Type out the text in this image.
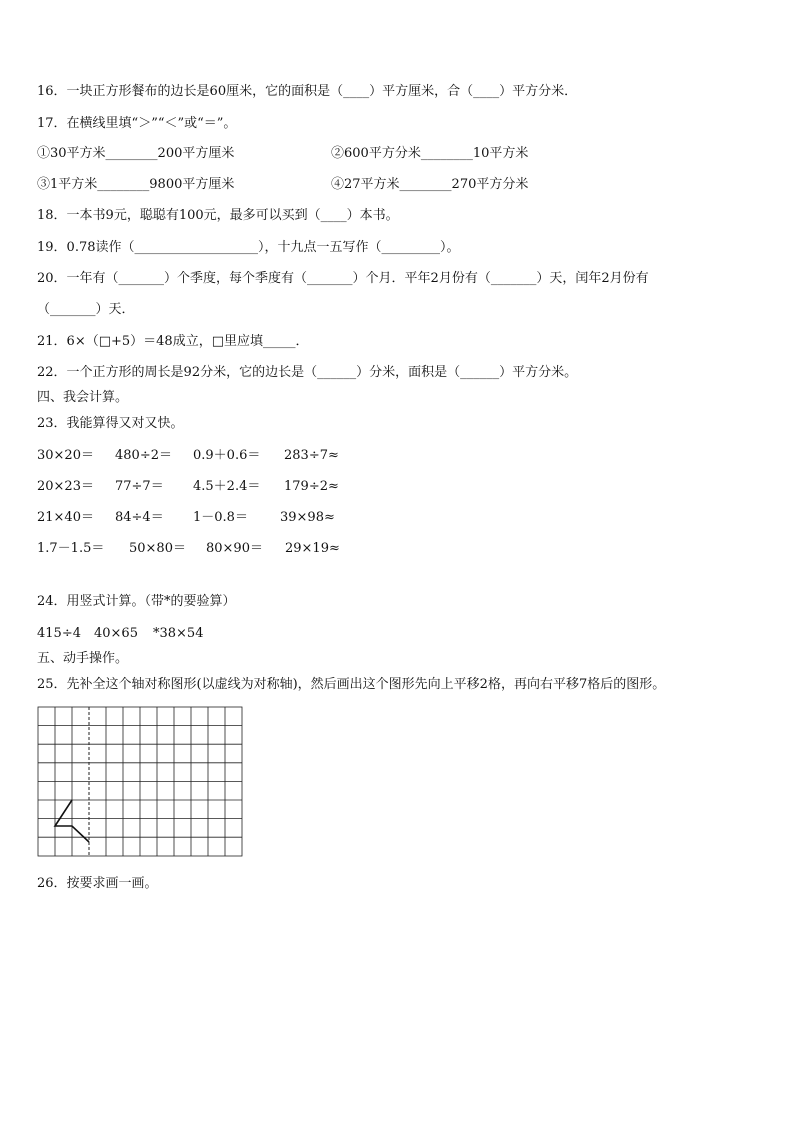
16．一块正方形餐布的边长是60厘米，它的面积是（____）平方厘米，合（____）平方分米．
17．在横线里填“＞”“＜”或“＝”。
①30平方米________200平方厘米	②600平方分米________10平方米
③1平方米________9800平方厘米	④27平方米________270平方分米
18．一本书9元，聪聪有100元，最多可以买到（____）本书。
19．0.78读作（___________________），十九点一五写作（_________）。
20．一年有（_______）个季度，每个季度有（_______）个月．平年2月份有（_______）天，闰年2月份有
（_______）天．
21．6×（□+5）＝48成立，□里应填_____．
22．一个正方形的周长是92分米，它的边长是（______）分米，面积是（______）平方分米。
四、我会计算。
23．我能算得又对又快。
30×20＝ 480÷2＝ 0.9＋0.6＝ 283÷7≈
20×23＝ 77÷7＝ 4.5＋2.4＝ 179÷2≈
21×40＝ 84÷4＝ 1－0.8＝ 39×98≈
1.7－1.5＝ 50×80＝ 80×90＝ 29×19≈
24．用竖式计算。（带*的要验算）
415÷4 40×65 *38×54
五、动手操作。
25．先补全这个轴对称图形(以虚线为对称轴)，然后画出这个图形先向上平移2格，再向右平移7格后的图形。
26．按要求画一画。
